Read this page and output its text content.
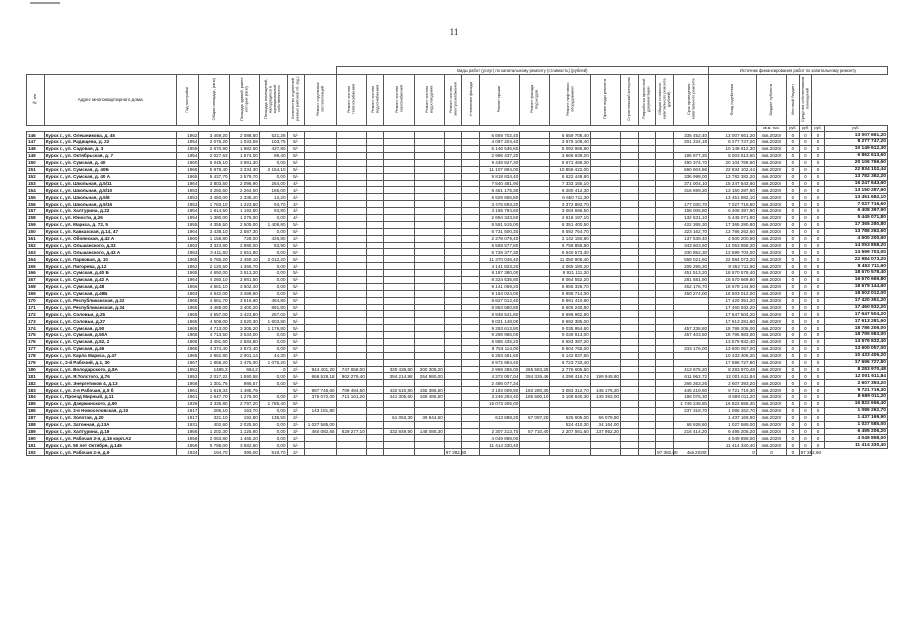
11
								Виды работ (услуг) по капитальному ремонту (стоимость) (рублей)														Источник финансирования работ по капитальному ремонту					
№ п/п	Адрес многоквартирного дома	Год постройки	Общая площадь, (кв.м)	Площадь зданий, ранее которых (кв.м)	Площадь помещений, находящихся в муниципальной собственности	Количество отделений разных районов сб. (ед.)	Ремонт отдельных систем/секций	Ремонт систем теплоснабжения	Ремонт систем водоснабжения	Ремонт систем газоснабжения	Ремонт систем водоотведения	Ремонт систем электроснабжения	Утепление фасада	Ремонт крыши	Ремонт фасада подъездов	Ремонт лифтового оборудования	Прочие виды ремонта	Строительный контроль	Разработка проектной документации	Общая стоимость капитального ремонта (рублей)	Срок проведения капитального ремонта	Фонд содействия	Бюджет субъекта	Местный бюджет	Средства собственников помещений		
																							кв.м. тыс.	руб.	руб.	руб.	руб.
146	Курск г., ул. Олешникова, д. 45	1962	3 459,20	2 088,50	521,28	5/-								6 669 702,40		6 659 708,40					335 452,40	13 007 661,20	4кв.2020г	0	0	0	13 007 661,20
147	Курск г., ул. Радищева, д. 22	1954	2 075,20	1 033,59	103,75	5/-								4 097 204,40		3 979 109,40					201 234,18	8 277 747,20	4кв.2020г	0	0	0	8 277 747,20
148	Курск г., ул. Садовая, д. 3	1959	2 670,90	1 982,50	437,80	5/-								5 146 536,60		5 092 986,80						10 149 612,30	4кв.2020г	0	0	0	10 149 612,30
149	Курск г., ул. Октябрьская, д. 7	1954	2 027,63	1 674,00	99,40	5/-								2 996 437,20		3 666 939,20					195 877,20	5 003 613,60	4кв.2020г	0	0	0	6 862 613,60
150	Курск г., ул. Сумская, д. 40	1960	5 045,10	3 981,30	0,00	5/-								9 448 827,30		9 671 486,30					490 374,70	20 104 769,60	4кв.2020г	0	0	0	20 106 769,60
151	Курск г., ул. Сумская, д. 40Б	1965	5 878,40	3 334,30	2 154,10	5/-								11 107 894,00		10 855 422,00					660 604,86	22 834 102,44	4кв.2020г	0	0	0	22 834 102,44
152	Курск г., ул. Сумская, д. 40 А	1965	5 437,70	2 579,70	0,00	5/-								9 818 834,40		6 622 449,80					336 998,00	13 782 382,20	4кв.2020г	0	0	0	13 782 382,20
153	Курск г., ул. Школьная, д.5/11	1964	3 803,50	2 098,90	264,00	4/-								7 540 481,90		7 333 165,10					371 004,10	15 247 643,60	4кв.2020г	0	0	0	15 247 643,60
154	Курск г., ул. Школьная, д.5/10	1953	3 260,60	2 264,00	165,00	4/-								6 461 175,30		6 280 412,30					316 699,20	13 150 287,60	4кв.2020г	0	0	0	13 150 287,60
155	Курск г., ул. Школьная, д.5/8	1953	3 450,00	2 335,40	13,20	4/-								6 829 856,80		6 650 711,30						13 451 682,10	4кв.2020г	0	0	0	13 451 682,10
156	Курск г., ул. Школьная, д.5/16	1953	1 783,10	1 223,60	93,70	4/-								3 476 693,20		3 372 882,70					177 030,70	7 027 716,60	4кв.2020г	0	0	0	7 027 716,60
157	Курск г., ул. Халтурина, д.22	1954	1 614,50	1 192,80	93,80	4/-								3 165 794,60		3 084 596,50					158 006,80	6 408 397,90	4кв.2020г	0	0	0	6 408 397,90
158	Курск г., ул. Юности, д.26	1954	1 380,00	1 276,00	0,00	4/-								2 694 343,60		2 618 197,10					132 531,10	5 445 071,80	4кв.2020г	0	0	0	5 445 071,80
159	Курск г., ул. Маркса, д. 72, 5	1955	4 355,50	2 505,00	1 408,80	5/-								8 591 515,00		8 351 400,50					422 365,30	17 365 280,80	4кв.2020г	0	0	0	17 365 280,80
160	Курск г., ул. Кавказская, д.14, 47	1964	3 438,10	2 587,30	0,00	5/-								6 731 500,30		6 592 754,70					323 162,70	13 786 262,60	4кв.2020г	0	0	0	13 786 262,60
161	Курск г., ул. Обоянская, д.42 А	1960	1 158,80	728,00	426,80	2/-								2 278 079,40		2 142 150,80					137 539,40	4 500 200,60	4кв.2020г	0	0	0	4 500 200,60
162	Курск г., ул. Ольшанского, д.33	1962	3 323,80	2 986,00	83,90	5/-								6 559 577,80		6 758 858,80					343 603,60	14 053 858,20	4кв.2020г	0	0	0	14 053 858,20
163	Курск г., ул. Ольшанского, д.43 А	1963	3 411,60	2 651,80	0,00	5/-								6 728 377,30		6 540 573,30					330 852,30	13 599 703,00	4кв.2020г	0	0	0	13 599 703,00
164	Курск г., ул. Парковая, д. 10	1965	5 765,20	2 459,10	2 012,20	5/-								11 370 046,40		11 050 808,40					559 021,60	22 984 073,20	4кв.2020г	0	0	0	22 984 073,20
165	Курск г., ул. Пигорева, д.12	1962	2 120,60	1 466,70	0,00	4/-								4 141 823,20		4 065 180,20					205 296,20	8 452 711,60	4кв.2020г	0	0	0	8 452 711,60
166	Курск г., ул. Сумская, д.40 Б	1965	4 650,00	3 513,20	0,00	5/-								9 187 380,00		8 921 111,30					451 513,20	18 570 578,40	4кв.2020г	0	0	0	18 570 578,40
167	Курск г., ул. Сумская, д.42 А	1964	4 260,10	2 981,50	0,00	5/-								8 324 535,80		8 064 552,20					281 581,90	16 670 669,80	4кв.2020г	0	0	0	16 670 669,80
168	Курск г., ул. Сумская, д.48	1965	4 661,10	3 502,40	0,00	5/-								9 141 069,20		8 855 326,70					452 176,70	18 679 144,60	4кв.2020г	0	0	0	18 679 144,60
169	Курск г., ул. Сумская, д.48Б	1963	4 642,00	3 489,60	0,00	5/-								9 154 024,00		8 898 714,00					450 274,00	18 503 012,00	4кв.2020г	0	0	0	18 503 012,00
170	Курск г., ул. Республиканская, д.22	1965	4 661,70	3 516,60	464,80	5/-								8 627 012,40		8 591 410,80						17 420 351,20	4кв.2020г	0	0	0	17 420 351,20
171	Курск г., ул. Республиканская, д.34	1965	4 489,00	3 400,20	891,80	5/-								8 853 680,80		8 606 240,80						17 460 932,20	4кв.2020г	0	0	0	17 460 932,20
172	Курск г., ул. Соловьи, д.25	1965	4 557,00	3 423,80	267,00	5/-								8 948 541,80		8 698 962,80						17 647 504,20	4кв.2020г	0	0	0	17 647 504,20
173	Курск г., ул. Соловьи, д.27	1965	4 509,00	3 520,30	1 603,80	5/-								9 021 148,00		8 692 385,00						17 613 281,60	4кв.2020г	0	0	0	17 613 281,60
174	Курск г., ул. Сумская, д.50	1965	4 713,00	3 305,20	1 176,80	5/-								9 293 613,80		9 035 954,60					457 238,80	18 786 206,00	4кв.2020г	0	0	0	18 786 206,00
175	Курск г., ул. Сумская, д.50А	1965	4 713,50	3 534,00	0,00	5/-								9 298 986,00		9 039 813,00					457 403,50	18 795 983,00	4кв.2020г	0	0	0	18 795 983,00
176	Курск г., ул. Сумская, д.52, 2	1966	3 491,60	2 584,80	0,00	5/-								6 885 435,20		6 693 397,20						13 579 832,40	4кв.2020г	0	0	0	13 579 832,40
177	Курск г., ул. Сумская, д.46	1965	4 374,40	2 872,40	0,00	5/-								8 753 114,00		8 504 765,00					333 176,00	13 600 057,00	4кв.2020г	0	0	0	13 600 057,00
178	Курск г., ул. Карла Маркса, д.47	1965	2 862,80	2 001,14	44,30	4/-								5 283 481,60		5 142 837,60						10 433 406,20	4кв.2020г	0	0	0	10 433 406,20
179	Курск г., 2-й Рабочий, д.1, 30	1967	1 858,20	2 475,00	1 075,20	5/-								8 972 984,40		8 723 733,40						17 696 727,80	4кв.2020г	0	0	0	17 696 727,80
180	Курск г., ул. Володарского, д.8А	1952	1485,3	664,2	0	2/-	944 401,20	747 658,00		330 436,80	200 308,20			2 969 286,00	265 583,28	2 776 605,60					413 675,20	8 283 970,48	4кв.2020г	0	0	0	8 283 970,48
181	Курск г., ул. Я.Толстого, д.76	1952	2 017,22	1 590,58	0,00	5/-	666 528,18	902 279,40		394 214,98	254 980,00			4 372 057,04	294 326,46	4 298 416,74	199 949,80				611 962,72	12 001 611,84	4кв.2020г	0	0	0	12 001 611,84
182	Курск г., ул. Энергетиков 4, д.13	1958	1 301,76	986,57	0,00	5/-								2 486 077,34							266 263,26	2 607 393,20	4кв.2020г	0	0	0	2 607 393,20
183	Курск г., ул. 2-я Рабочая, д.5 б	1961	1 618,33	1 485,75		5/-	987 746,60	709 494,60		432 510,80	155 386,50			3 193 009,80	182 280,30	3 083 312,70	145 176,20				445 219,60	9 721 719,30	4кв.2020г	0	0	0	9 721 719,30
184	Курск г., Проезд Мирный, д.11	1961	1 647,70	1 276,00	0,00	4/-	375 072,00	713 101,20		441 305,60	169 485,50			3 249 284,40	185 590,10	3 109 840,30	149 353,00				186 076,30	8 689 011,20	4кв.2020г	0	0	0	8 689 011,20
185	Курск г., ул. Дзержинского, д.90	1928	3 335,80	2 797,20	1 785,40	5/-								15 073 405,00							1 749 248,80	16 822 656,40	4кв.2020г	0	0	0	16 822 656,40
186	Курск г., ул. 3-я Новоселовская, д.10	1917	285,10	163,70	0,00	2/-	143 181,80														237 318,70	1 086 262,70	4кв.2020г	0	0	0	1 086 262,70
187	Курск г., ул. Золотая, д.20	1917	321,10	192,80	135,50	2/-				61 053,30	39 644,60			613 888,20	67 097,20	525 605,00	66 079,90					1 437 169,90	4кв.2020г	0	0	0	1 437 169,90
188	Курск г., ул. Затонная, д.13А	1931	402,60	2 025,50	0,00	2/-	1 027 585,00									524 410,30	34 164,00				68 928,60	1 027 585,00	4кв.2020г	0	0	0	1 027 585,00
189	Курск г., ул. Халтурина, д.19	1956	1 202,30	1 125,80	0,00	3/-	460 082,65	629 277,10		332 849,90	148 085,30			2 307 213,70	57 710,40	2 207 561,60	137 952,20				216 414,20	6 495 206,20	4кв.2020г	0	0	0	6 495 206,20
190	Курск г., ул. Рабочая 3-я, д.16 корп.А2	1956	2 063,80	1 465,20	0,00	2/-								4 049 898,00								4 049 898,00	4кв.2020г	0	0	0	4 049 898,00
191	Курск г., ул. 50 лет Октября, д.145	1959	5 798,00	3 682,80	0,00	5/-								11 414 330,40								11 414 330,40	4кв.2020г	0	0	0	11 414 330,40
192	Курск г., ул. Рабочая 2-я, д.9	1934	194,70	395,00	519,70	2/-						97 382,60								97 382,60	4кв.2020г	0	0	0	97 382,60		
